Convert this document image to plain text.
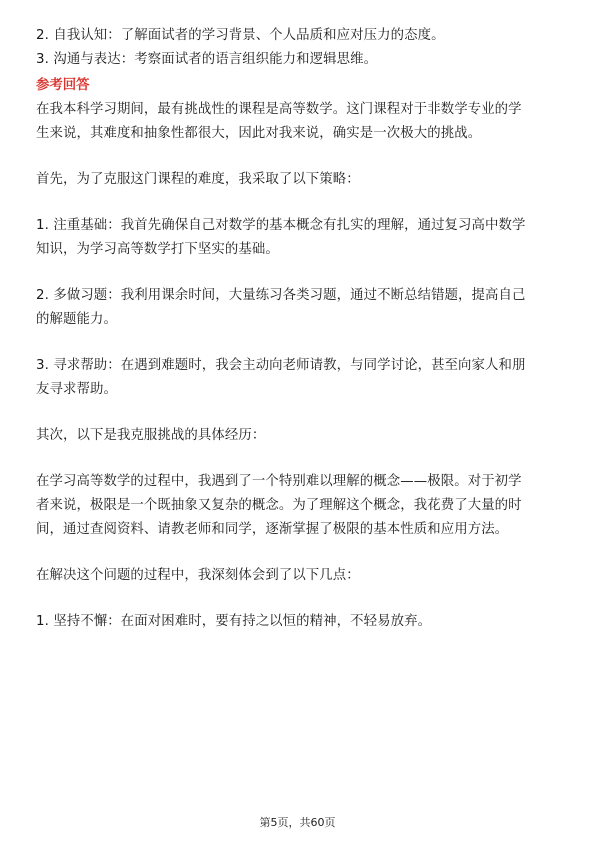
2. 自我认知：了解面试者的学习背景、个人品质和应对压力的态度。
3. 沟通与表达：考察面试者的语言组织能力和逻辑思维。
参考回答
在我本科学习期间，最有挑战性的课程是高等数学。这门课程对于非数学专业的学
生来说，其难度和抽象性都很大，因此对我来说，确实是一次极大的挑战。
首先，为了克服这门课程的难度，我采取了以下策略：
1. 注重基础：我首先确保自己对数学的基本概念有扎实的理解，通过复习高中数学
知识，为学习高等数学打下坚实的基础。
2. 多做习题：我利用课余时间，大量练习各类习题，通过不断总结错题，提高自己
的解题能力。
3. 寻求帮助：在遇到难题时，我会主动向老师请教，与同学讨论，甚至向家人和朋
友寻求帮助。
其次，以下是我克服挑战的具体经历：
在学习高等数学的过程中，我遇到了一个特别难以理解的概念——极限。对于初学
者来说，极限是一个既抽象又复杂的概念。为了理解这个概念，我花费了大量的时
间，通过查阅资料、请教老师和同学，逐渐掌握了极限的基本性质和应用方法。
在解决这个问题的过程中，我深刻体会到了以下几点：
1. 坚持不懈：在面对困难时，要有持之以恒的精神，不轻易放弃。
第5页，共60页
